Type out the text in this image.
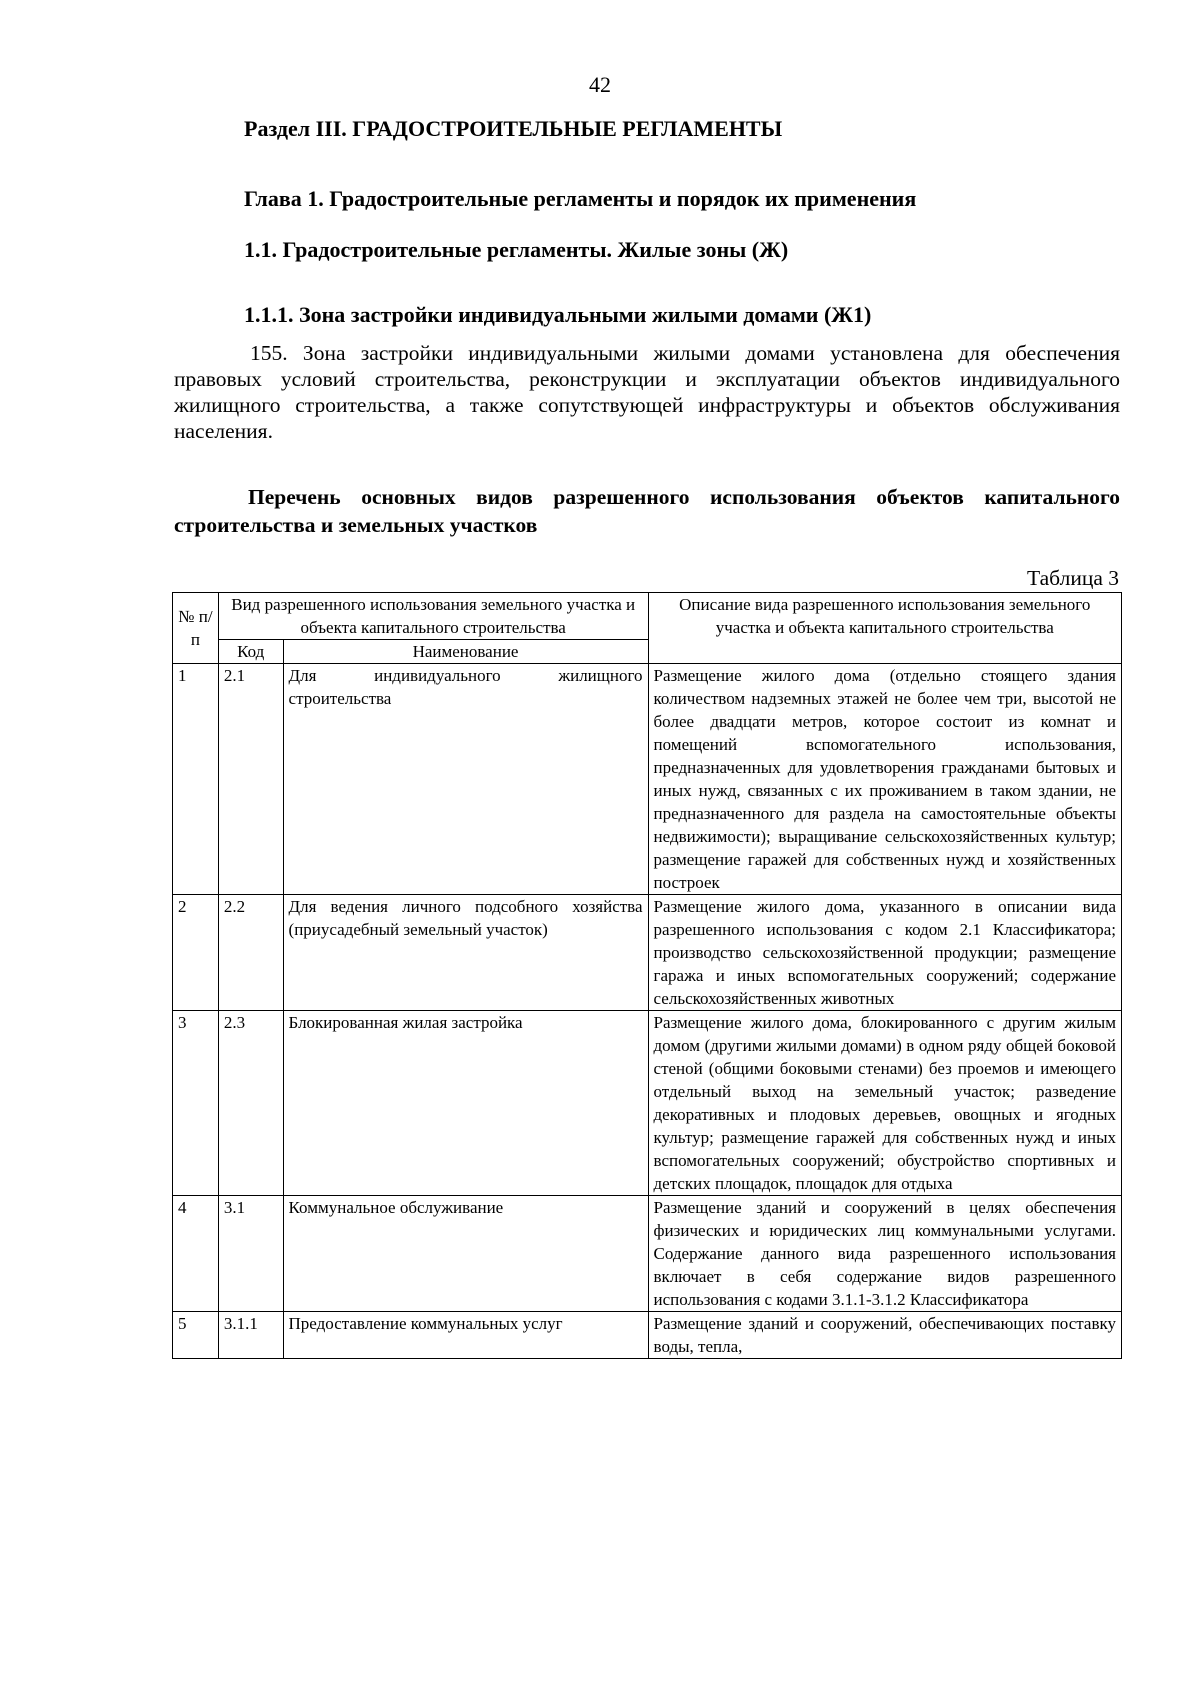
42
Раздел III. ГРАДОСТРОИТЕЛЬНЫЕ РЕГЛАМЕНТЫ
Глава 1. Градостроительные регламенты и порядок их применения
1.1. Градостроительные регламенты. Жилые зоны (Ж)
1.1.1. Зона застройки индивидуальными жилыми домами (Ж1)
155. Зона застройки индивидуальными жилыми домами установлена для обеспечения правовых условий строительства, реконструкции и эксплуатации объектов индивидуального жилищного строительства, а также сопутствующей инфраструктуры и объектов обслуживания населения.
Перечень основных видов разрешенного использования объектов капитального строительства и земельных участков
Таблица 3
№ п/п	Вид разрешенного использования земельного участка и объекта капитального строительства		Описание вида разрешенного использования земельного участка и объекта капитального строительства
	Код	Наименование	
1	2.1	Для индивидуального жилищного строительства	Размещение жилого дома (отдельно стоящего здания количеством надземных этажей не более чем три, высотой не более двадцати метров, которое состоит из комнат и помещений вспомогательного использования, предназначенных для удовлетворения гражданами бытовых и иных нужд, связанных с их проживанием в таком здании, не предназначенного для раздела на самостоятельные объекты недвижимости); выращивание сельскохозяйственных культур; размещение гаражей для собственных нужд и хозяйственных построек
2	2.2	Для ведения личного подсобного хозяйства (приусадебный земельный участок)	Размещение жилого дома, указанного в описании вида разрешенного использования с кодом 2.1 Классификатора; производство сельскохозяйственной продукции; размещение гаража и иных вспомогательных сооружений; содержание сельскохозяйственных животных
3	2.3	Блокированная жилая застройка	Размещение жилого дома, блокированного с другим жилым домом (другими жилыми домами) в одном ряду общей боковой стеной (общими боковыми стенами) без проемов и имеющего отдельный выход на земельный участок; разведение декоративных и плодовых деревьев, овощных и ягодных культур; размещение гаражей для собственных нужд и иных вспомогательных сооружений; обустройство спортивных и детских площадок, площадок для отдыха
4	3.1	Коммунальное обслуживание	Размещение зданий и сооружений в целях обеспечения физических и юридических лиц коммунальными услугами. Содержание данного вида разрешенного использования включает в себя содержание видов разрешенного использования с кодами 3.1.1-3.1.2 Классификатора
5	3.1.1	Предоставление коммунальных услуг	Размещение зданий и сооружений, обеспечивающих поставку воды, тепла,
